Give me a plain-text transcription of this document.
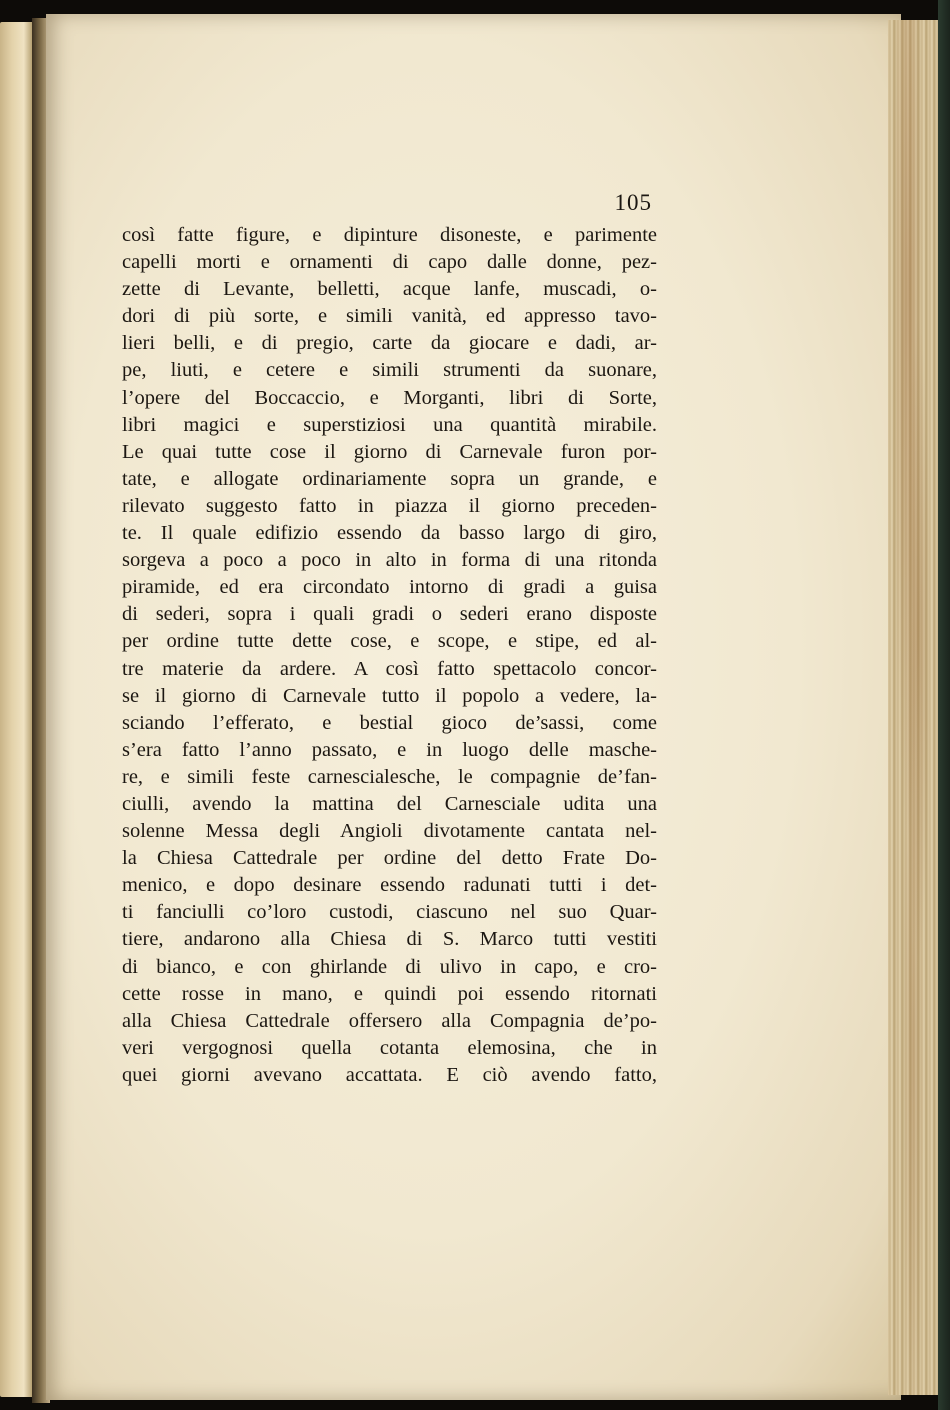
105
così fatte figure, e dipinture disoneste, e parimente
capelli morti e ornamenti di capo dalle donne, pez-
zette di Levante, belletti, acque lanfe, muscadi, o-
dori di più sorte, e simili vanità, ed appresso tavo-
lieri belli, e di pregio, carte da giocare e dadi, ar-
pe, liuti, e cetere e simili strumenti da suonare,
l’opere del Boccaccio, e Morganti, libri di Sorte,
libri magici e superstiziosi una quantità mirabile.
Le quai tutte cose il giorno di Carnevale furon por-
tate, e allogate ordinariamente sopra un grande, e
rilevato suggesto fatto in piazza il giorno preceden-
te. Il quale edifizio essendo da basso largo di giro,
sorgeva a poco a poco in alto in forma di una ritonda
piramide, ed era circondato intorno di gradi a guisa
di sederi, sopra i quali gradi o sederi erano disposte
per ordine tutte dette cose, e scope, e stipe, ed al-
tre materie da ardere. A così fatto spettacolo concor-
se il giorno di Carnevale tutto il popolo a vedere, la-
sciando l’efferato, e bestial gioco de’sassi, come
s’era fatto l’anno passato, e in luogo delle masche-
re, e simili feste carnescialesche, le compagnie de’fan-
ciulli, avendo la mattina del Carnesciale udita una
solenne Messa degli Angioli divotamente cantata nel-
la Chiesa Cattedrale per ordine del detto Frate Do-
menico, e dopo desinare essendo radunati tutti i det-
ti fanciulli co’loro custodi, ciascuno nel suo Quar-
tiere, andarono alla Chiesa di S. Marco tutti vestiti
di bianco, e con ghirlande di ulivo in capo, e cro-
cette rosse in mano, e quindi poi essendo ritornati
alla Chiesa Cattedrale offersero alla Compagnia de’po-
veri vergognosi quella cotanta elemosina, che in
quei giorni avevano accattata. E ciò avendo fatto,
